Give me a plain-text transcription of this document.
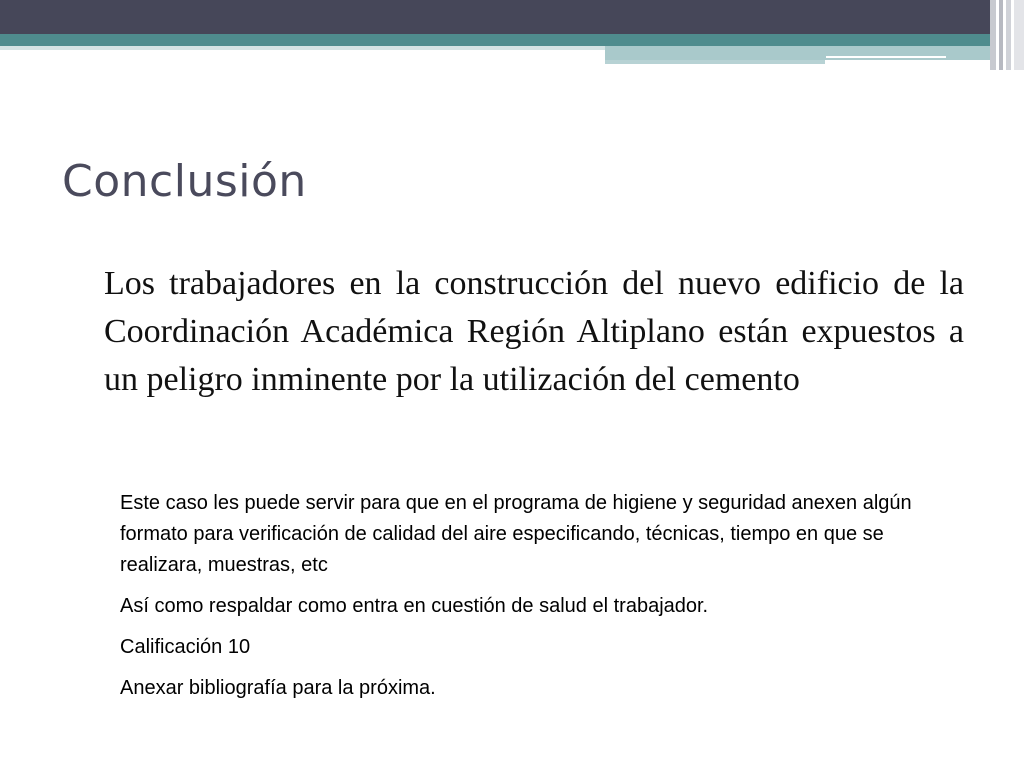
Conclusión

Los trabajadores en la construcción del nuevo edificio de la Coordinación Académica Región Altiplano están expuestos a un peligro inminente por la utilización del cemento

Este caso les puede servir para que en el programa de higiene y seguridad anexen algún formato para verificación de calidad del aire especificando, técnicas, tiempo en que se realizara, muestras, etc

Así como respaldar como entra en cuestión de salud el trabajador.

Calificación 10

Anexar bibliografía para la próxima.
